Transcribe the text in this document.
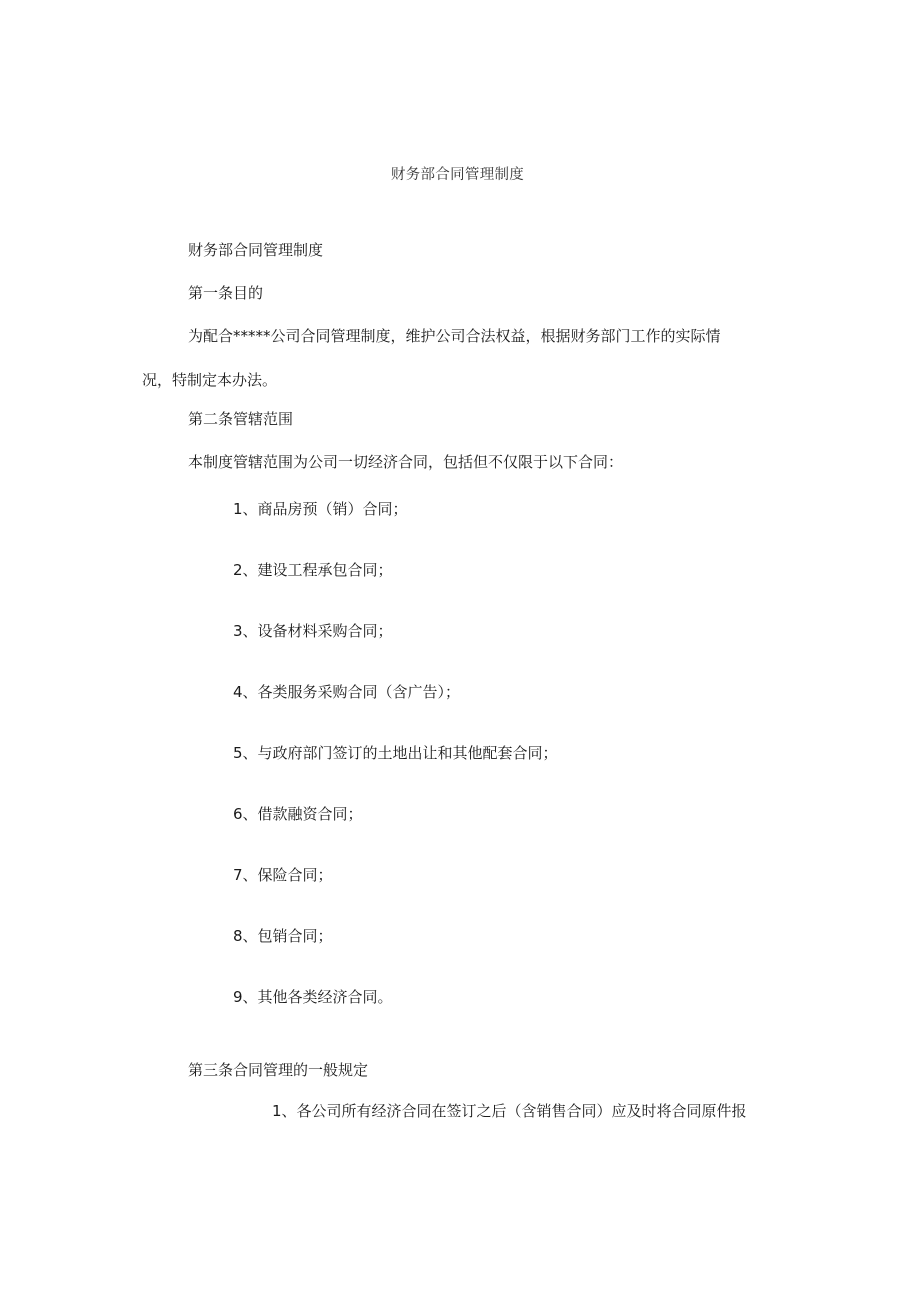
财务部合同管理制度
财务部合同管理制度
第一条目的
为配合*****公司合同管理制度，维护公司合法权益，根据财务部门工作的实际情
况，特制定本办法。
第二条管辖范围
本制度管辖范围为公司一切经济合同，包括但不仅限于以下合同：
1、商品房预（销）合同；
2、建设工程承包合同；
3、设备材料采购合同；
4、各类服务采购合同（含广告）；
5、与政府部门签订的土地出让和其他配套合同；
6、借款融资合同；
7、保险合同；
8、包销合同；
9、其他各类经济合同。
第三条合同管理的一般规定
1、各公司所有经济合同在签订之后（含销售合同）应及时将合同原件报
